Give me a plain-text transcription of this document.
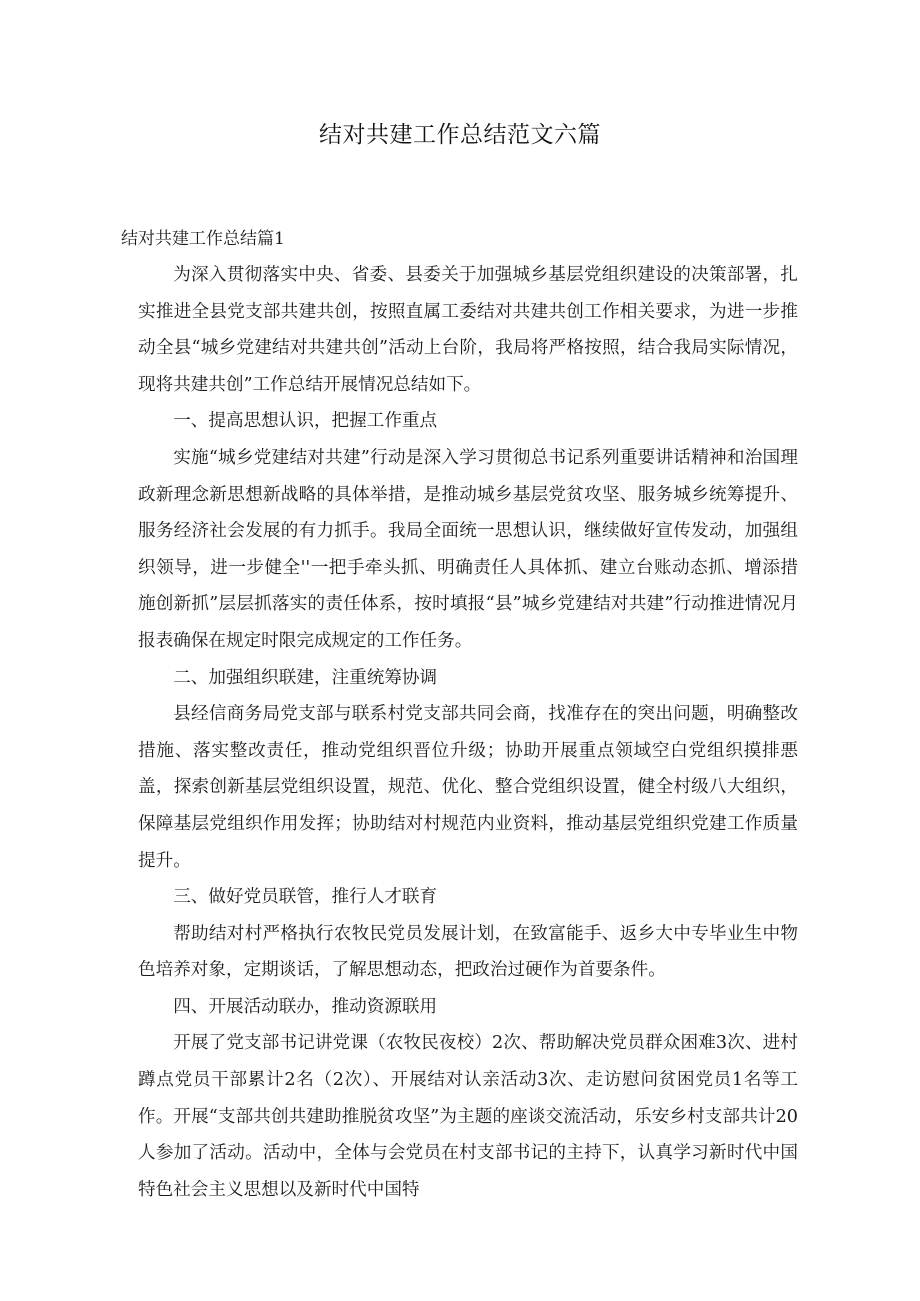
结对共建工作总结范文六篇
结对共建工作总结篇1

为深入贯彻落实中央、省委、县委关于加强城乡基层党组织建设的决策部署，扎实推进全县党支部共建共创，按照直属工委结对共建共创工作相关要求，为进一步推动全县“城乡党建结对共建共创”活动上台阶，我局将严格按照，结合我局实际情况，现将共建共创”工作总结开展情况总结如下。

一、提高思想认识，把握工作重点

实施“城乡党建结对共建”行动是深入学习贯彻总书记系列重要讲话精神和治国理政新理念新思想新战略的具体举措，是推动城乡基层党贫攻坚、服务城乡统筹提升、服务经济社会发展的有力抓手。我局全面统一思想认识，继续做好宣传发动，加强组织领导，进一步健全''一把手牵头抓、明确责任人具体抓、建立台账动态抓、增添措施创新抓”层层抓落实的责任体系，按时填报“县”城乡党建结对共建”行动推进情况月报表确保在规定时限完成规定的工作任务。

二、加强组织联建，注重统筹协调

县经信商务局党支部与联系村党支部共同会商，找准存在的突出问题，明确整改措施、落实整改责任，推动党组织晋位升级；协助开展重点领域空白党组织摸排悪盖，探索创新基层党组织设置，规范、优化、整合党组织设置，健全村级八大组织，保障基层党组织作用发挥；协助结对村规范内业资料，推动基层党组织党建工作质量提升。

三、做好党员联管，推行人才联育

帮助结对村严格执行农牧民党员发展计划，在致富能手、返乡大中专毕业生中物色培养对象，定期谈话，了解思想动态，把政治过硬作为首要条件。

四、开展活动联办，推动资源联用

开展了党支部书记讲党课（农牧民夜校）2次、帮助解决党员群众困难3次、进村蹲点党员干部累计2名（2次）、开展结对认亲活动3次、走访慰问贫困党员1名等工作。开展“支部共创共建助推脱贫攻坚”为主题的座谈交流活动，乐安乡村支部共计20人参加了活动。活动中，全体与会党员在村支部书记的主持下，认真学习新时代中国特色社会主义思想以及新时代中国特
